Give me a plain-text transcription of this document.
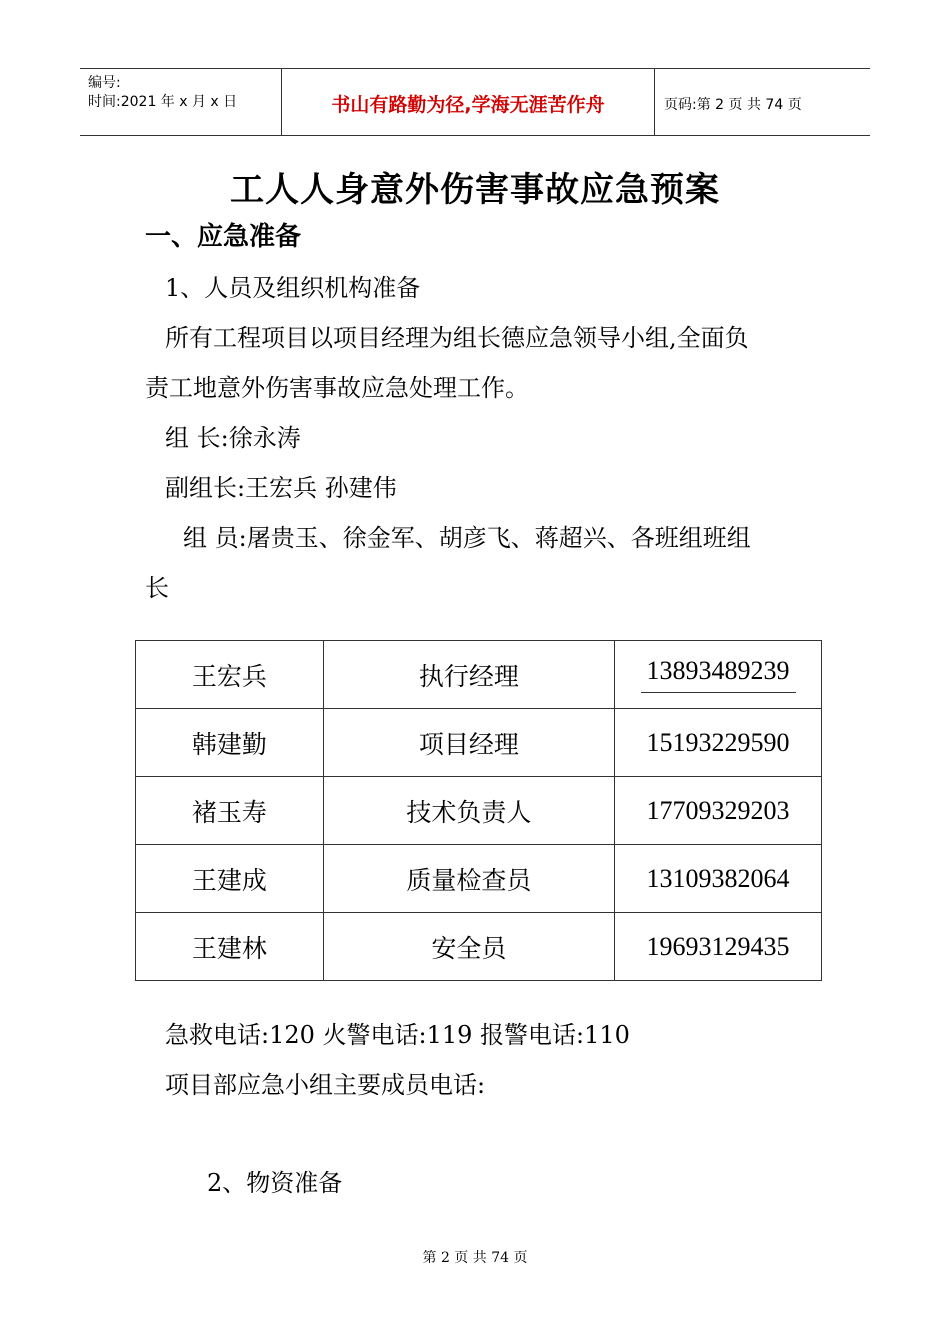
编号:
时间:2021 年 x 月 x 日	书山有路勤为径,学海无涯苦作舟	页码:第 2 页 共 74 页
工人人身意外伤害事故应急预案
一、应急准备
1、人员及组织机构准备
所有工程项目以项目经理为组长德应急领导小组,全面负
责工地意外伤害事故应急处理工作。
组 长:徐永涛
副组长:王宏兵 孙建伟
组 员:屠贵玉、徐金军、胡彦飞、蒋超兴、各班组班组
长
王宏兵	执行经理	13893489239
韩建勤	项目经理	15193229590
褚玉寿	技术负责人	17709329203
王建成	质量检查员	13109382064
王建林	安全员	19693129435
急救电话:120 火警电话:119 报警电话:110
项目部应急小组主要成员电话:
2、物资准备
第 2 页 共 74 页
